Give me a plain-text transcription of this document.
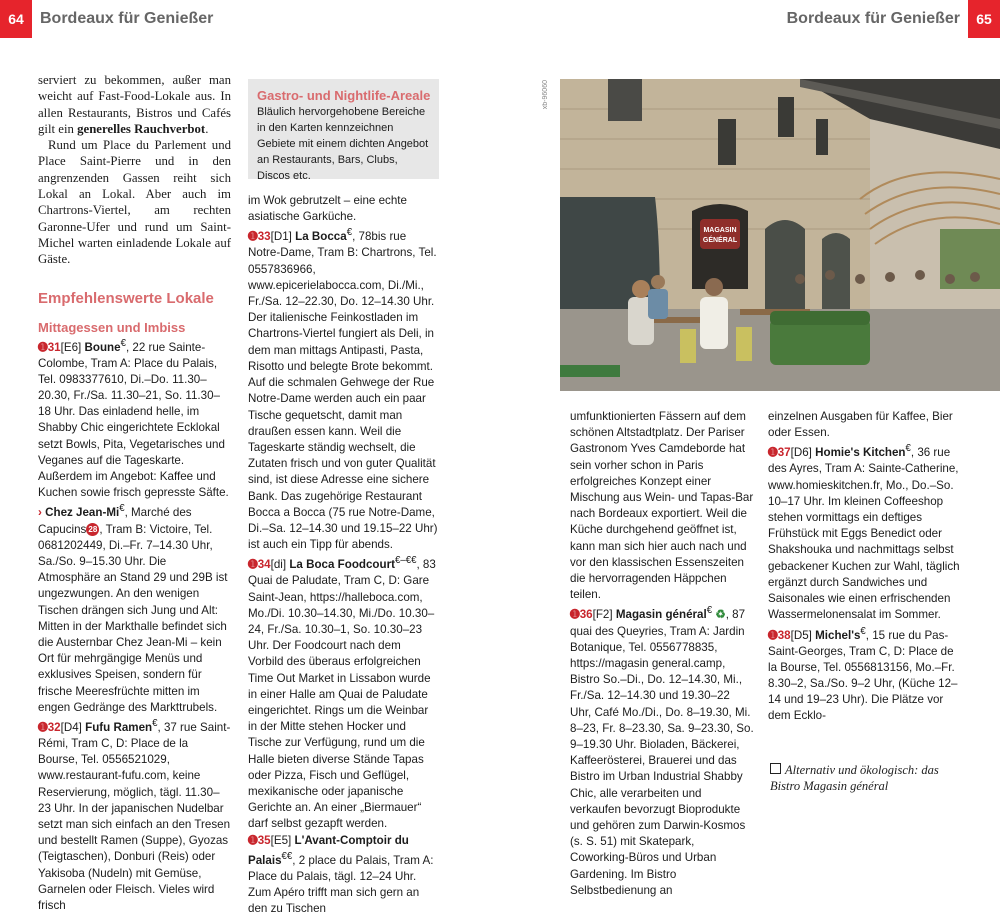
64	Bordeaux für Genießer	Bordeaux für Genießer	65

serviert zu bekommen, außer man weicht auf Fast-Food-Lokale aus. In allen Restaurants, Bistros und Cafés gilt ein generelles Rauchverbot.

Rund um Place du Parlement und Place Saint-Pierre und in den angrenzenden Gassen reiht sich Lokal an Lokal. Aber auch im Chartrons-Viertel, am rechten Garonne-Ufer und rund um Saint-Michel warten einladende Lokale auf Gäste.

Empfehlenswerte Lokale
Mittagessen und Imbiss

➊31[E6] Boune€, 22 rue Sainte-Colombe, Tram A: Place du Palais, Tel. 0983377610, Di.–Do. 11.30–20.30, Fr./Sa. 11.30–21, So. 11.30–18 Uhr. Das einladend helle, im Shabby Chic eingerichtete Ecklokal setzt Bowls, Pita, Vegetarisches und Veganes auf die Tageskarte. Außerdem im Angebot: Kaffee und Kuchen sowie frisch gepresste Säfte.

› Chez Jean-Mi€, Marché des Capucins 28 , Tram B: Victoire, Tel. 0681202449, Di.–Fr. 7–14.30 Uhr, Sa./So. 9–15.30 Uhr. Die Atmosphäre an Stand 29 und 29B ist ungezwungen. An den wenigen Tischen drängen sich Jung und Alt: Mitten in der Markthalle befindet sich die Austernbar Chez Jean-Mi – kein Ort für mehrgängige Menüs und exklusives Speisen, sondern für frische Meeresfrüchte mitten im engen Gedränge des Markttrubels.

➊32[D4] Fufu Ramen€, 37 rue Saint-Rémi, Tram C, D: Place de la Bourse, Tel. 0556521029, www.restaurant-fufu.com, keine Reservierung, möglich, tägl. 11.30–23 Uhr. In der japanischen Nudelbar setzt man sich einfach an den Tresen und bestellt Ramen (Suppe), Gyozas (Teigtaschen), Donburi (Reis) oder Yakisoba (Nudeln) mit Gemüse, Garnelen oder Fleisch. Vieles wird frisch

Gastro- und Nightlife-Areale
Bläulich hervorgehobene Bereiche in den Karten kennzeichnen Gebiete mit einem dichten Angebot an Restaurants, Bars, Clubs, Discos etc.

im Wok gebrutzelt – eine echte asiatische Garküche.

➊33[D1] La Bocca€, 78bis rue Notre-Dame, Tram B: Chartrons, Tel. 0557836966, www.epicerielabocca.com, Di./Mi., Fr./Sa. 12–22.30, Do. 12–14.30 Uhr. Der italienische Feinkostladen im Chartrons-Viertel fungiert als Deli, in dem man mittags Antipasti, Pasta, Risotto und belegte Brote bekommt. Auf die schmalen Gehwege der Rue Notre-Dame werden auch ein paar Tische gequetscht, damit man draußen essen kann. Weil die Tageskarte ständig wechselt, die Zutaten frisch und von guter Qualität sind, ist diese Adresse eine sichere Bank. Das zugehörige Restaurant Bocca a Bocca (75 rue Notre-Dame, Di.–Sa. 12–14.30 und 19.15–22 Uhr) ist auch ein Tipp für abends.

➊34[di] La Boca Foodcourt€–€€, 83 Quai de Paludate, Tram C, D: Gare Saint-Jean, https://halleboca.com, Mo./Di. 10.30–14.30, Mi./Do. 10.30–24, Fr./Sa. 10.30–1, So. 10.30–23 Uhr. Der Foodcourt nach dem Vorbild des überaus erfolgreichen Time Out Market in Lissabon wurde in einer Halle am Quai de Paludate eingerichtet. Rings um die Weinbar in der Mitte stehen Hocker und Tische zur Verfügung, rund um die Halle bieten diverse Stände Tapas oder Pizza, Fisch und Geflügel, mexikanische oder japanische Gerichte an. An einer „Biermauer“ darf selbst gezapft werden.

➊35[E5] L'Avant-Comptoir du Palais€€, 2 place du Palais, Tram A: Place du Palais, tägl. 12–24 Uhr. Zum Apéro trifft man sich gern an den zu Tischen

xb-96060
MAGASIN
GÉNÉRAL

umfunktionierten Fässern auf dem schönen Altstadtplatz. Der Pariser Gastronom Yves Camdeborde hat sein vorher schon in Paris erfolgreiches Konzept einer Mischung aus Wein- und Tapas-Bar nach Bordeaux exportiert. Weil die Küche durchgehend geöffnet ist, kann man sich hier auch nach und vor den klassischen Essenszeiten die hervorragenden Häppchen teilen.

➊36[F2] Magasin général€ ♻, 87 quai des Queyries, Tram A: Jardin Botanique, Tel. 0556778835, https://magasin general.camp, Bistro So.–Di., Do. 12–14.30, Mi., Fr./Sa. 12–14.30 und 19.30–22 Uhr, Café Mo./Di., Do. 8–19.30, Mi. 8–23, Fr. 8–23.30, Sa. 9–23.30, So. 9–19.30 Uhr. Bioladen, Bäckerei, Kaffeerösterei, Brauerei und das Bistro im Urban Industrial Shabby Chic, alle verarbeiten und verkaufen bevorzugt Bioprodukte und gehören zum Darwin-Kosmos (s. S. 51) mit Skatepark, Coworking-Büros und Urban Gardening. Im Bistro Selbstbedienung an

einzelnen Ausgaben für Kaffee, Bier oder Essen.

➊37[D6] Homie's Kitchen€, 36 rue des Ayres, Tram A: Sainte-Catherine, www.homieskitchen.fr, Mo., Do.–So. 10–17 Uhr. Im kleinen Coffeeshop stehen vormittags ein deftiges Frühstück mit Eggs Benedict oder Shakshouka und nachmittags selbst gebackener Kuchen zur Wahl, täglich ergänzt durch Sandwiches und Saisonales wie einen erfrischenden Wassermelonensalat im Sommer.

➊38[D5] Michel's€, 15 rue du Pas-Saint-Georges, Tram C, D: Place de la Bourse, Tel. 0556813156, Mo.–Fr. 8.30–2, Sa./So. 9–2 Uhr, (Küche 12–14 und 19–23 Uhr). Die Plätze vor dem Ecklo-

Alternativ und ökologisch: das Bistro Magasin général
